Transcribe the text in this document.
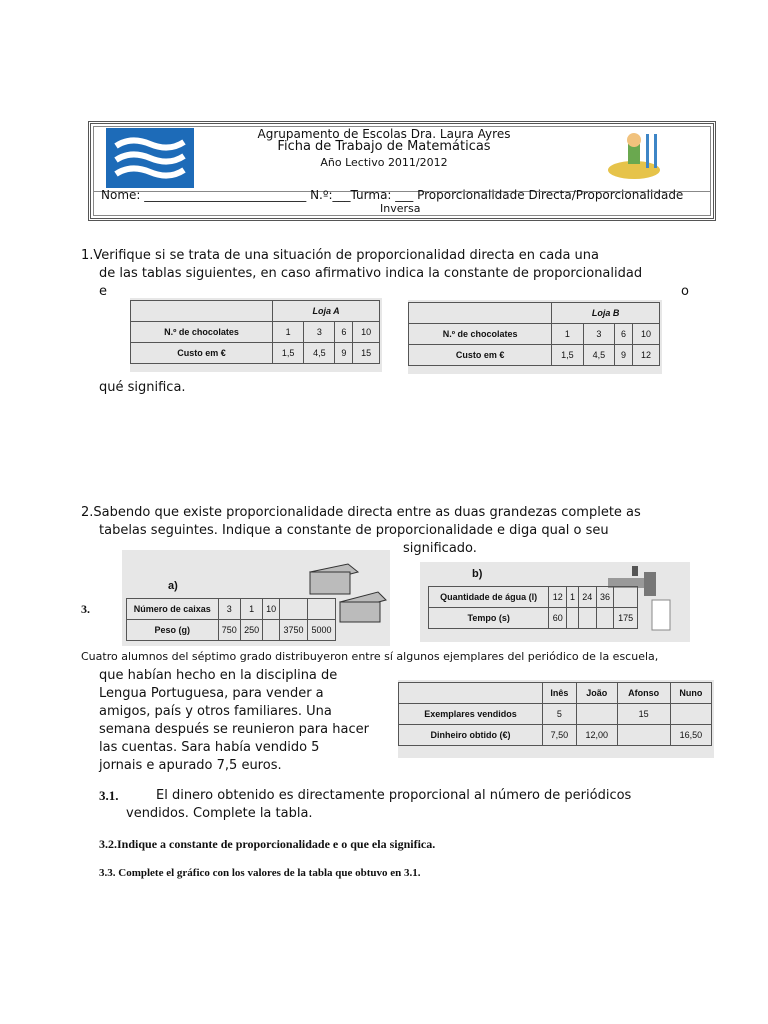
Agrupamento de Escolas Dra. Laura Ayres
Ficha de Trabajo de Matemáticas
Año Lectivo 2011/2012
Nome: ___________________________ N.º:___Turma: ___ Proporcionalidade Directa/Proporcionalidade
Inversa
1.Verifique si se trata de una situación de proporcionalidad directa en cada una
de las tablas siguientes, en caso afirmativo indica la constante de proporcionalidad
e	o
	Loja A			
N.º de chocolates	1	3	6	10
Custo em €	1,5	4,5	9	15
	Loja B			
N.º de chocolates	1	3	6	10
Custo em €	1,5	4,5	9	12
qué significa.
2.Sabendo que existe proporcionalidade directa entre as duas grandezas complete as
tabelas seguintes. Indique a constante de proporcionalidade e diga qual o seu
significado.
a)
Número de caixas	3	1	10		
Peso (g)	750	250		3750	5000
b)
Quantidade de água (l)	12	1	24	36	
Tempo (s)	60				175
3.
Cuatro alumnos del séptimo grado distribuyeron entre sí algunos ejemplares del periódico de la escuela,
que habían hecho en la disciplina de
Lengua Portuguesa, para vender a
amigos, país y otros familiares. Una
semana después se reunieron para hacer
las cuentas. Sara había vendido 5
jornais e apurado 7,5 euros.
	Inês	João	Afonso	Nuno
Exemplares vendidos	5		15	
Dinheiro obtido (€)	7,50	12,00		16,50
3.1.	El dinero obtenido es directamente proporcional al número de periódicos
vendidos. Complete la tabla.
3.2.Indique a constante de proporcionalidade e o que ela significa.
3.3. Complete el gráfico con los valores de la tabla que obtuvo en 3.1.
